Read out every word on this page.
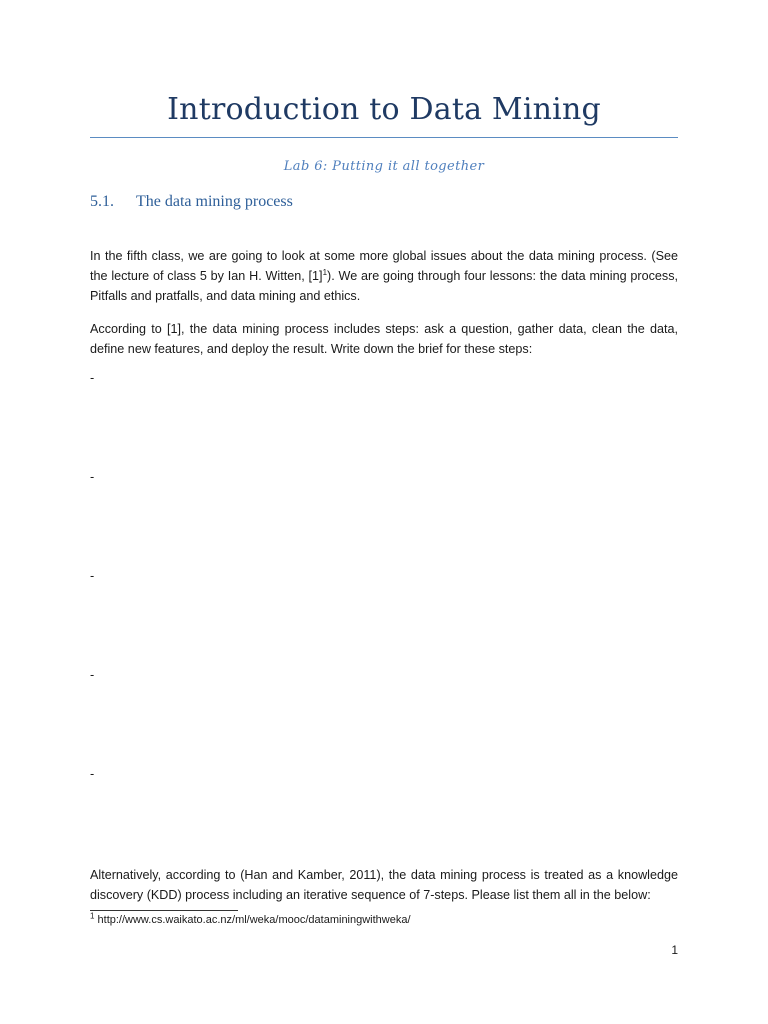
Introduction to Data Mining
Lab 6: Putting it all together
5.1. The data mining process
In the fifth class, we are going to look at some more global issues about the data mining process. (See the lecture of class 5 by Ian H. Witten, $[1]^1$). We are going through four lessons: the data mining process, Pitfalls and pratfalls, and data mining and ethics.
According to [1], the data mining process includes steps: ask a question, gather data, clean the data, define new features, and deploy the result. Write down the brief for these steps:
-
-
-
-
-
Alternatively, according to (Han and Kamber, 2011), the data mining process is treated as a knowledge discovery (KDD) process including an iterative sequence of 7-steps. Please list them all in the below:
$^1$ http://www.cs.waikato.ac.nz/ml/weka/mooc/dataminingwithweka/
1
